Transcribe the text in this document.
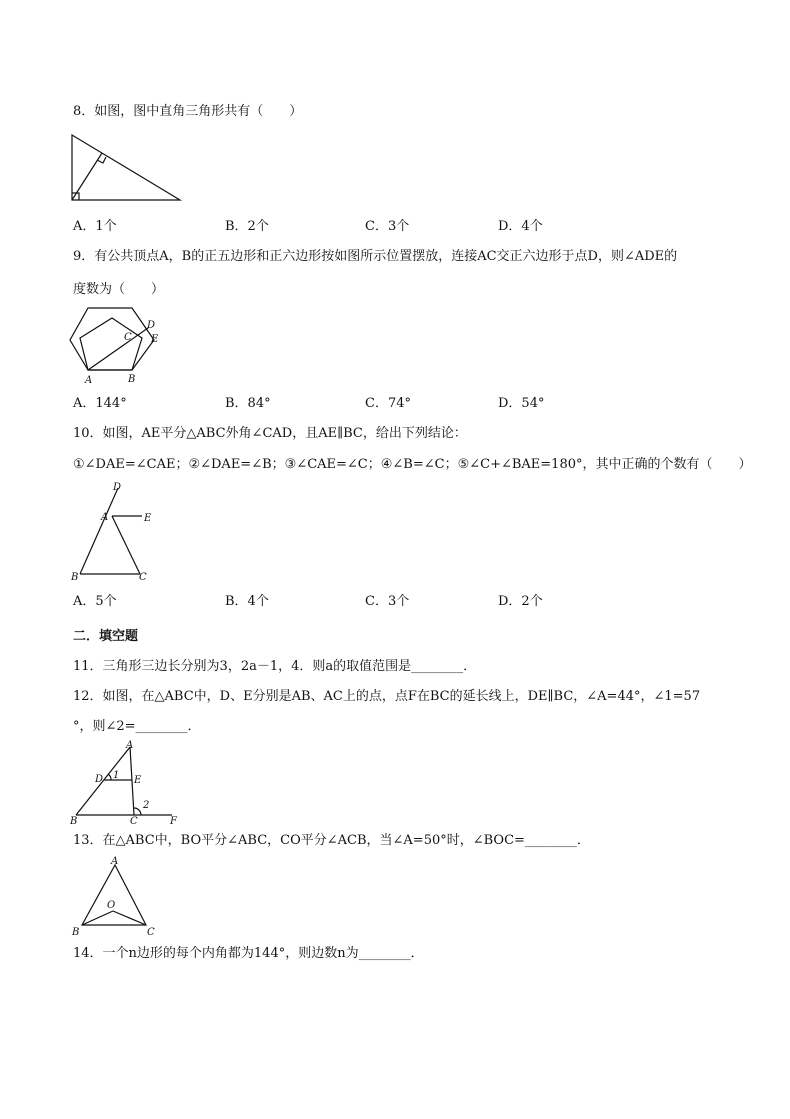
8．如图，图中直角三角形共有（　　）
A．1个	B．2个	C．3个	D．4个
9．有公共顶点A，B的正五边形和正六边形按如图所示位置摆放，连接AC交正六边形于点D，则∠ADE的
度数为（　　）
A	B
C
D
E
A．144°	B．84°	C．74°	D．54°
10．如图，AE平分△ABC外角∠CAD，且AE∥BC，给出下列结论：
①∠DAE=∠CAE；②∠DAE=∠B；③∠CAE=∠C；④∠B=∠C；⑤∠C+∠BAE=180°，其中正确的个数有（　　）
D
A	E
B	C
A．5个	B．4个	C．3个	D．2个
二．填空题
11．三角形三边长分别为3，2a－1，4．则a的取值范围是________．
12．如图，在△ABC中，D、E分别是AB、AC上的点，点F在BC的延长线上，DE∥BC，∠A=44°，∠1=57
°，则∠2=________．
A
D 1 E
2
B	C	F
13．在△ABC中，BO平分∠ABC，CO平分∠ACB，当∠A=50°时，∠BOC=________．
A
O
B	C
14．一个n边形的每个内角都为144°，则边数n为________．
